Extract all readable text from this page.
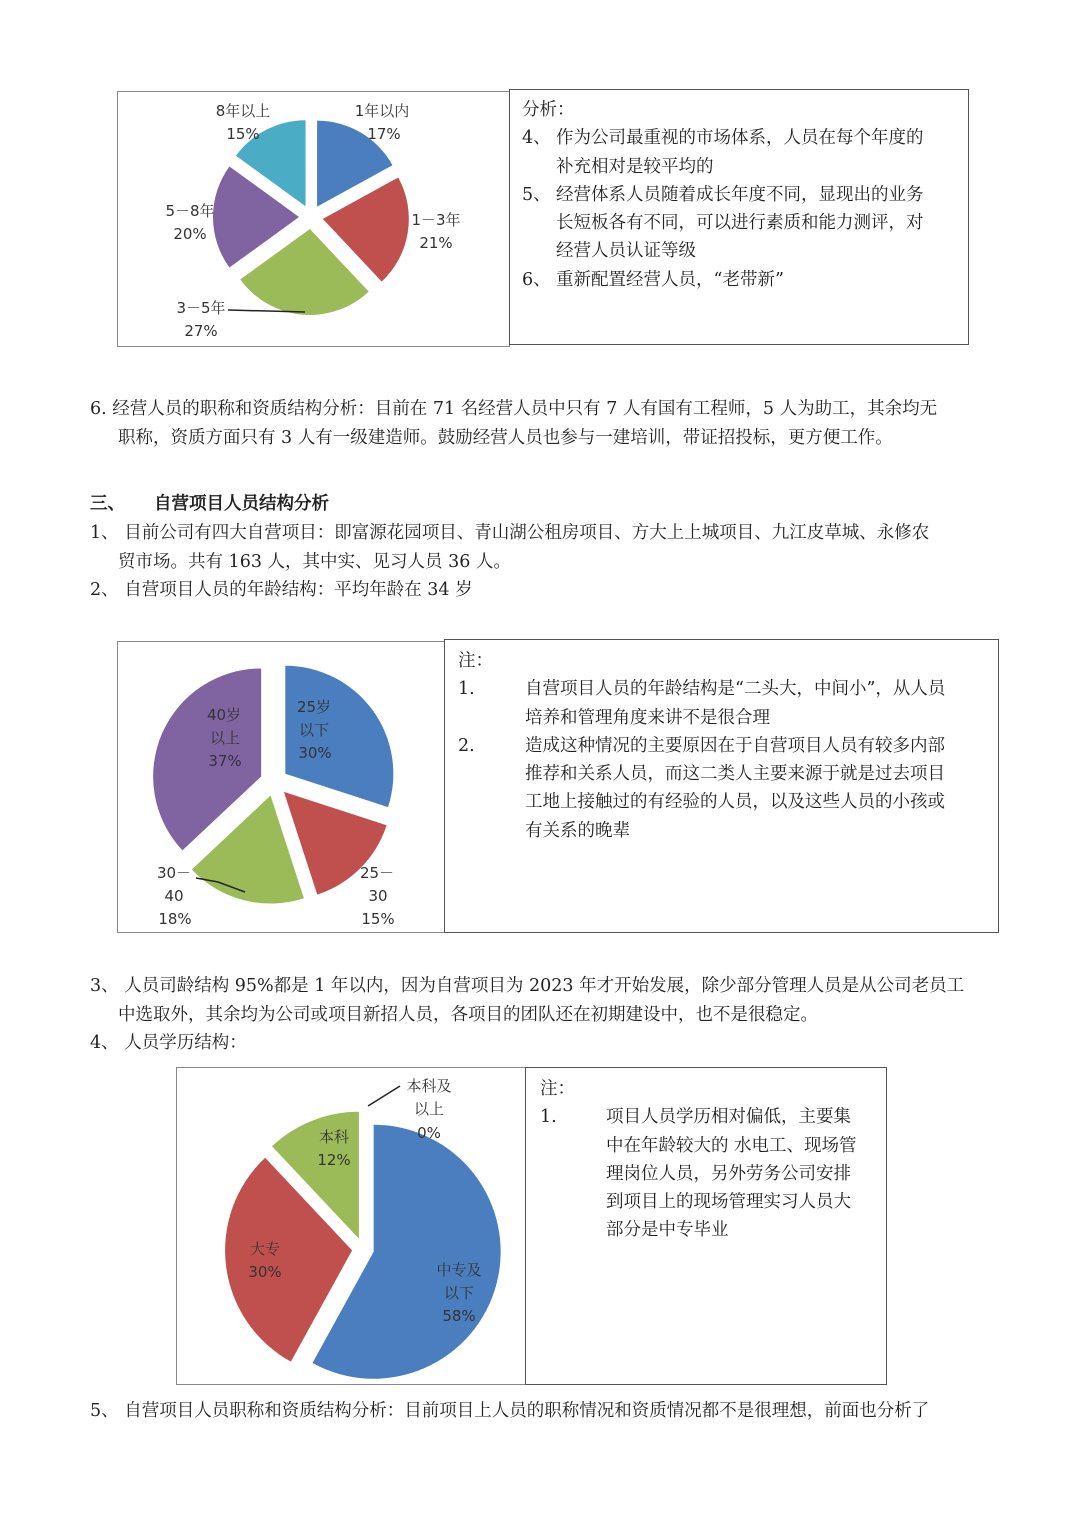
1年以内
17%
1－3年
21%
3－5年
27%
5－8年
20%
8年以上
15%
25岁
以下
30%
25－
30
15%
30－
40
18%
40岁
以上
37%
中专及
以下
58%
大专
30%
本科
12%
本科及
以上
0%
分析：
4、 作为公司最重视的市场体系，人员在每个年度的
补充相对是较平均的
5、 经营体系人员随着成长年度不同，显现出的业务
长短板各有不同，可以进行素质和能力测评，对
经营人员认证等级
6、 重新配置经营人员，“老带新”
6. 经营人员的职称和资质结构分析：目前在 71 名经营人员中只有 7 人有国有工程师，5 人为助工，其余均无
职称，资质方面只有 3 人有一级建造师。鼓励经营人员也参与一建培训，带证招投标，更方便工作。
三、 自营项目人员结构分析
1、 目前公司有四大自营项目：即富源花园项目、青山湖公租房项目、方大上上城项目、九江皮草城、永修农
贸市场。共有 163 人，其中实、见习人员 36 人。
2、 自营项目人员的年龄结构：平均年龄在 34 岁
注：
1.	自营项目人员的年龄结构是“二头大，中间小”，从人员
培养和管理角度来讲不是很合理
2.	造成这种情况的主要原因在于自营项目人员有较多内部
推荐和关系人员，而这二类人主要来源于就是过去项目
工地上接触过的有经验的人员，以及这些人员的小孩或
有关系的晚辈
3、 人员司龄结构 95%都是 1 年以内，因为自营项目为 2023 年才开始发展，除少部分管理人员是从公司老员工
中选取外，其余均为公司或项目新招人员，各项目的团队还在初期建设中，也不是很稳定。
4、 人员学历结构：
注：
1.	项目人员学历相对偏低，主要集
中在年龄较大的 水电工、现场管
理岗位人员，另外劳务公司安排
到项目上的现场管理实习人员大
部分是中专毕业
5、 自营项目人员职称和资质结构分析：目前项目上人员的职称情况和资质情况都不是很理想，前面也分析了
